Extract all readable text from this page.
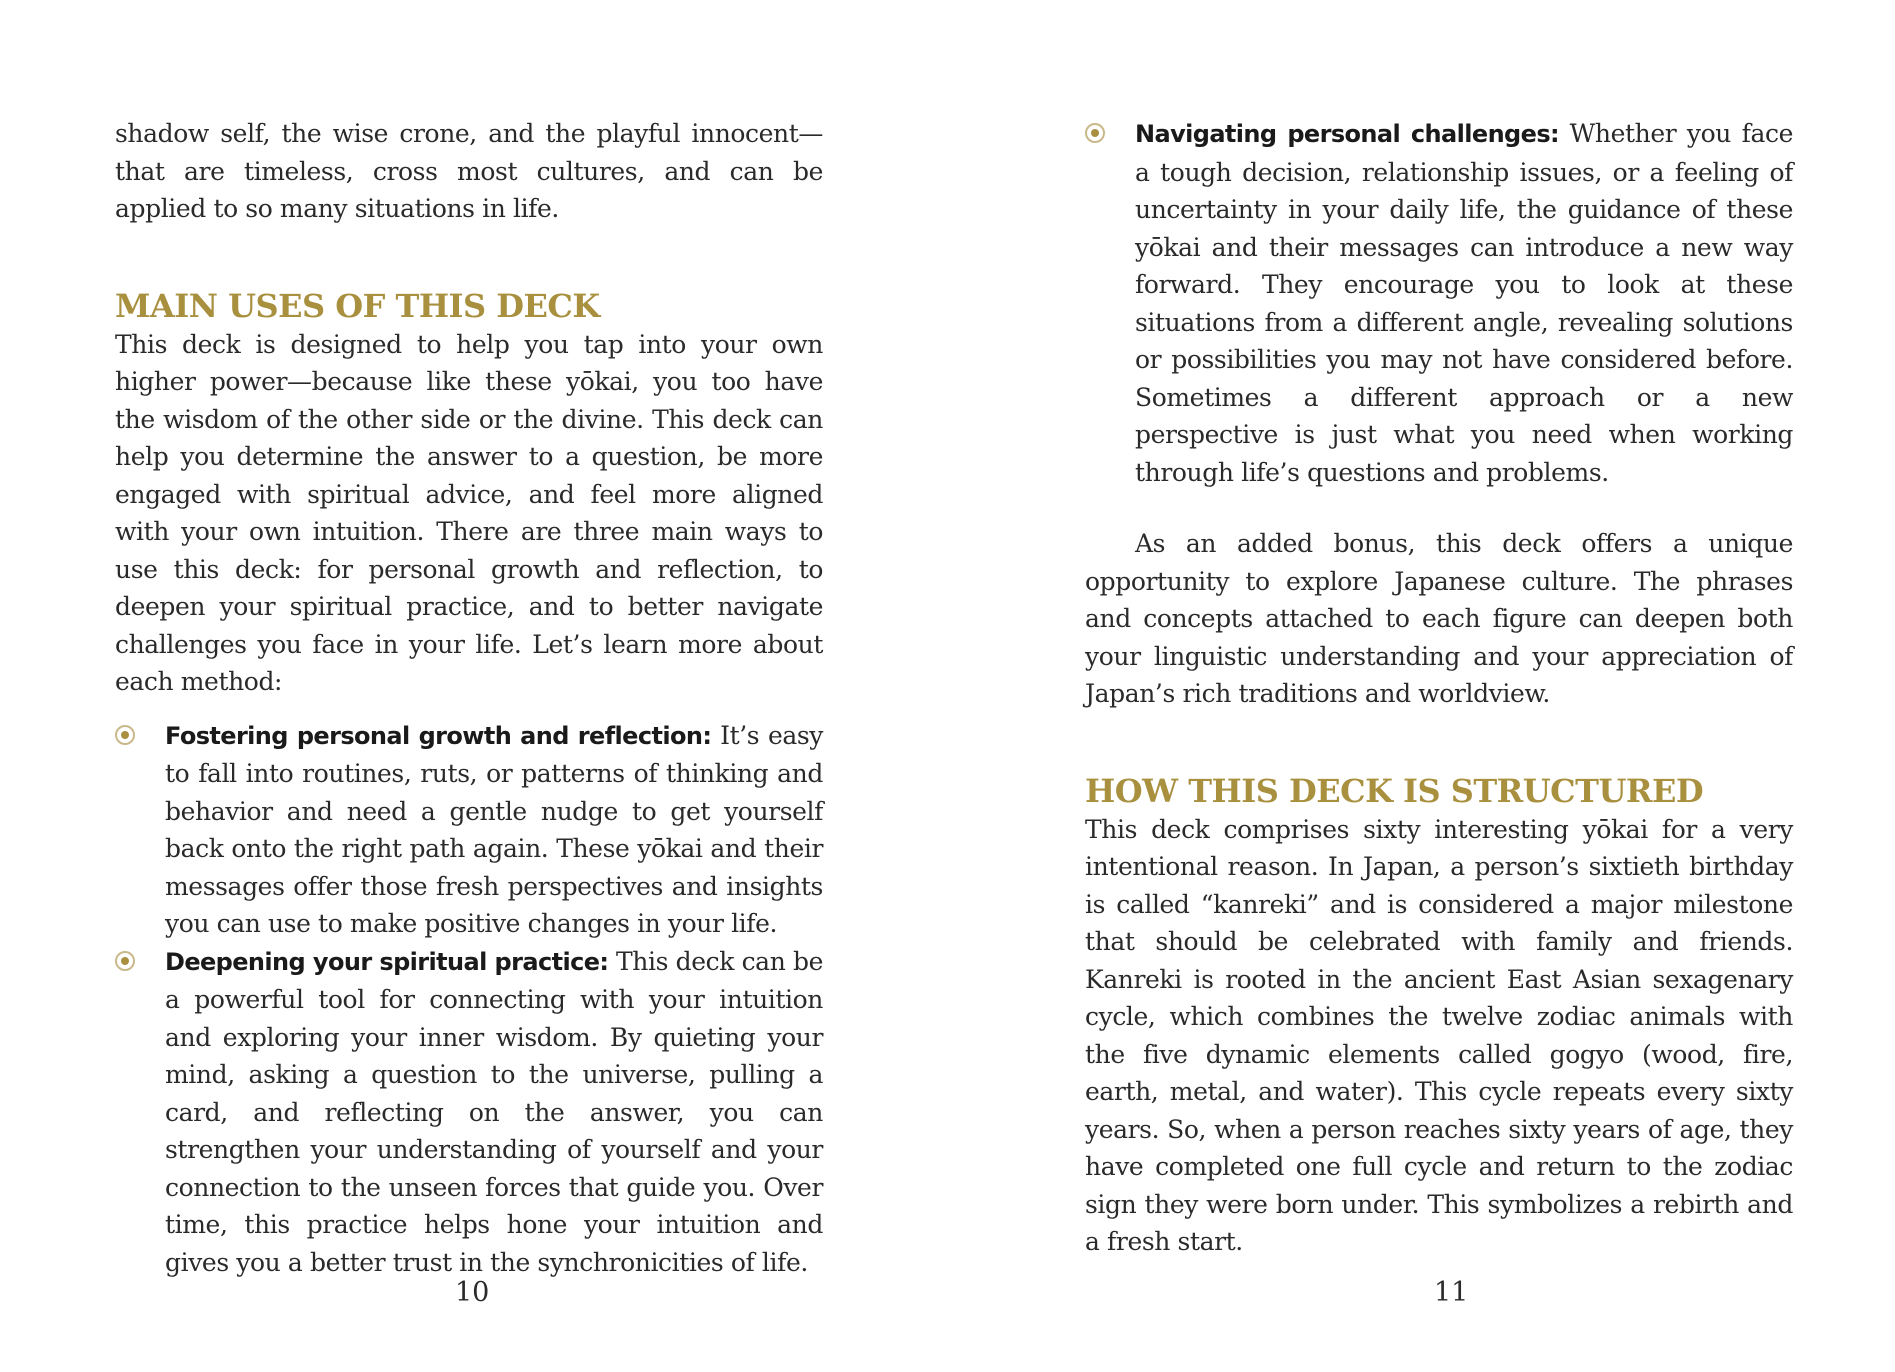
shadow self, the wise crone, and the playful innocent—that are timeless, cross most cultures, and can be applied to so many situations in life.

MAIN USES OF THIS DECK

This deck is designed to help you tap into your own higher power—because like these yōkai, you too have the wisdom of the other side or the divine. This deck can help you determine the answer to a question, be more engaged with spiritual advice, and feel more aligned with your own intuition. There are three main ways to use this deck: for personal growth and reflection, to deepen your spiritual practice, and to better navigate challenges you face in your life. Let’s learn more about each method:

Fostering personal growth and reflection: It’s easy to fall into routines, ruts, or patterns of thinking and behavior and need a gentle nudge to get yourself back onto the right path again. These yōkai and their messages offer those fresh perspectives and insights you can use to make positive changes in your life.

Deepening your spiritual practice: This deck can be a powerful tool for connecting with your intuition and exploring your inner wisdom. By quieting your mind, asking a question to the universe, pulling a card, and reflecting on the answer, you can strengthen your understanding of yourself and your connection to the unseen forces that guide you. Over time, this practice helps hone your intuition and gives you a better trust in the synchronicities of life.

10

Navigating personal challenges: Whether you face a tough decision, relationship issues, or a feeling of uncertainty in your daily life, the guidance of these yōkai and their messages can introduce a new way forward. They encourage you to look at these situations from a different angle, revealing solutions or possibilities you may not have considered before. Sometimes a different approach or a new perspective is just what you need when working through life’s questions and problems.

As an added bonus, this deck offers a unique opportunity to explore Japanese culture. The phrases and concepts attached to each figure can deepen both your linguistic understanding and your appreciation of Japan’s rich traditions and worldview.

HOW THIS DECK IS STRUCTURED

This deck comprises sixty interesting yōkai for a very intentional reason. In Japan, a person’s sixtieth birthday is called “kanreki” and is considered a major milestone that should be celebrated with family and friends. Kanreki is rooted in the ancient East Asian sexagenary cycle, which combines the twelve zodiac animals with the five dynamic elements called gogyo (wood, fire, earth, metal, and water). This cycle repeats every sixty years. So, when a person reaches sixty years of age, they have completed one full cycle and return to the zodiac sign they were born under. This symbolizes a rebirth and a fresh start.

11
